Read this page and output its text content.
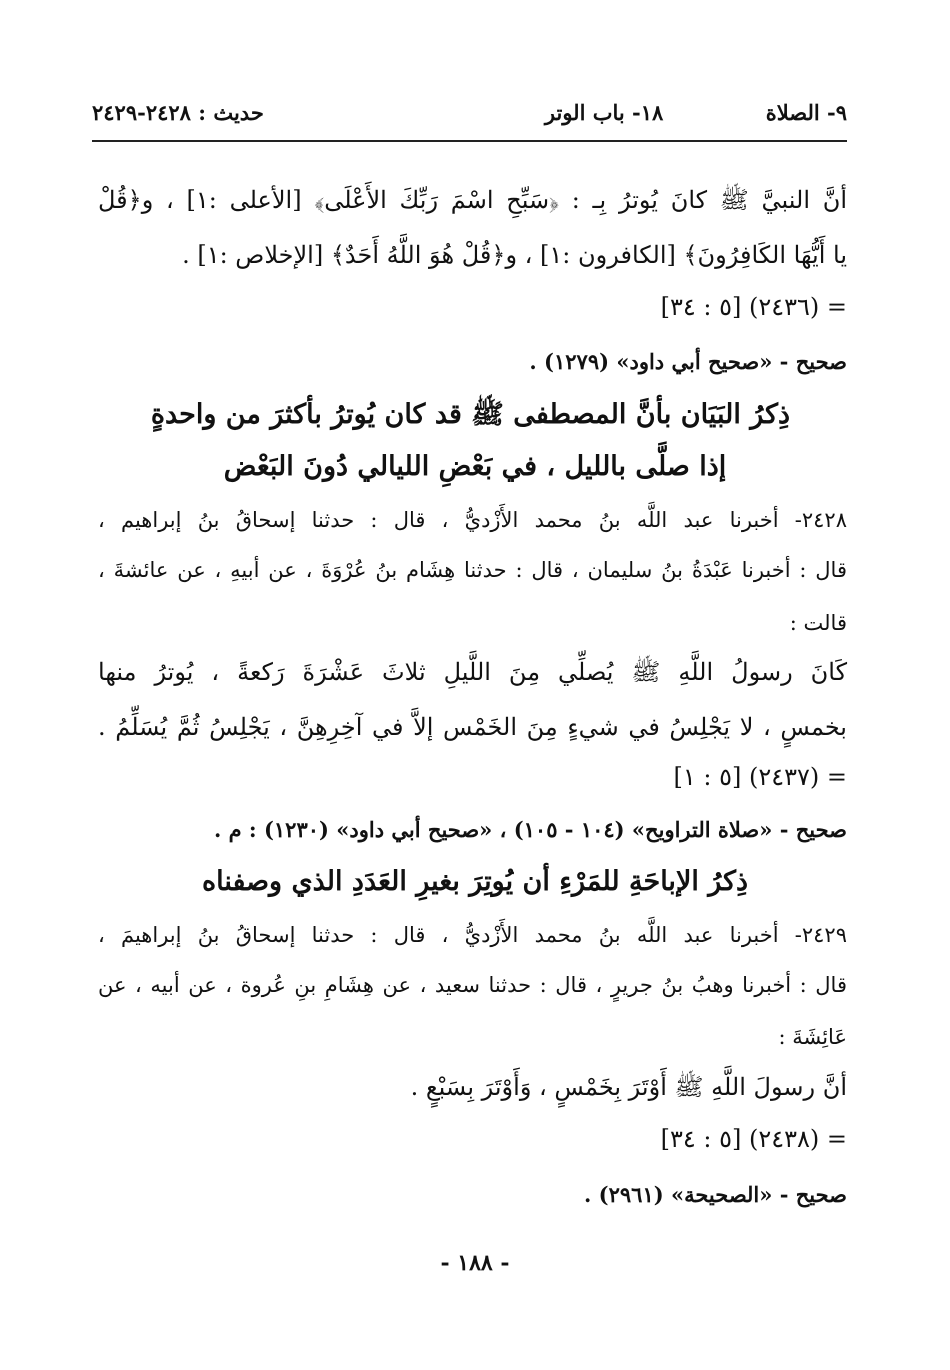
٩- الصلاة              ١٨- باب الوتر
حديث : ٢٤٢٨-٢٤٢٩
أنَّ النبيَّ ﷺ كانَ يُوترُ بِـ : ﴿سَبِّحِ اسْمَ رَبِّكَ الأَعْلَى﴾ [الأعلى :١] ، و﴿قُلْ
يا أَيُّهَا الكَافِرُونَ﴾ [الكافرون :١] ، و﴿قُلْ هُوَ اللَّهُ أَحَدٌ﴾ [الإخلاص :١] .
= (٢٤٣٦) [٥ : ٣٤]
صحيح - «صحيح أبي داود» (١٢٧٩) .
ذِكرُ البَيَان بأنَّ المصطفى ﷺ قد كان يُوترُ بأكثرَ من واحدةٍ
إذا صلَّى بالليل ، في بَعْضِ الليالي دُونَ البَعْض
٢٤٢٨- أخبرنا عبد اللَّه بنُ محمد الأَزْديُّ ، قال : حدثنا إسحاقُ بنُ إبراهيم ،
قال : أخبرنا عَبْدَةُ بنُ سليمان ، قال : حدثنا هِشَام بنُ عُرْوَةَ ، عن أبيهِ ، عن عائشةَ ،
قالت :
كَانَ رسولُ اللَّهِ ﷺ يُصلِّي مِنَ اللَّيلِ ثلاثَ عَشْرَةَ رَكعةً ، يُوترُ منها
بخمسٍ ، لا يَجْلِسُ في شيءٍ مِنَ الخَمْس إلاَّ في آخِرِهِنَّ ، يَجْلِسُ ثُمَّ يُسَلِّمُ .
= (٢٤٣٧) [٥ : ١]
صحيح - «صلاة التراويح» (١٠٤ - ١٠٥) ، «صحيح أبي داود» (١٢٣٠) : م .
ذِكرُ الإباحَةِ للمَرْءِ أن يُوتِرَ بغيرِ العَدَدِ الذي وصفناه
٢٤٢٩- أخبرنا عبد اللَّه بنُ محمد الأَزْديُّ ، قال : حدثنا إسحاقُ بنُ إبراهيمَ ،
قال : أخبرنا وهبُ بنُ جريرٍ ، قال : حدثنا سعيد ، عن هِشَامِ بنِ عُروة ، عن أبيه ، عن
عَائِشَةَ :
أنَّ رسولَ اللَّهِ ﷺ أَوْتَرَ بِخَمْسٍ ، وَأَوْتَرَ بِسَبْعٍ .
= (٢٤٣٨) [٥ : ٣٤]
صحيح - «الصحيحة» (٢٩٦١) .
- ١٨٨ -
